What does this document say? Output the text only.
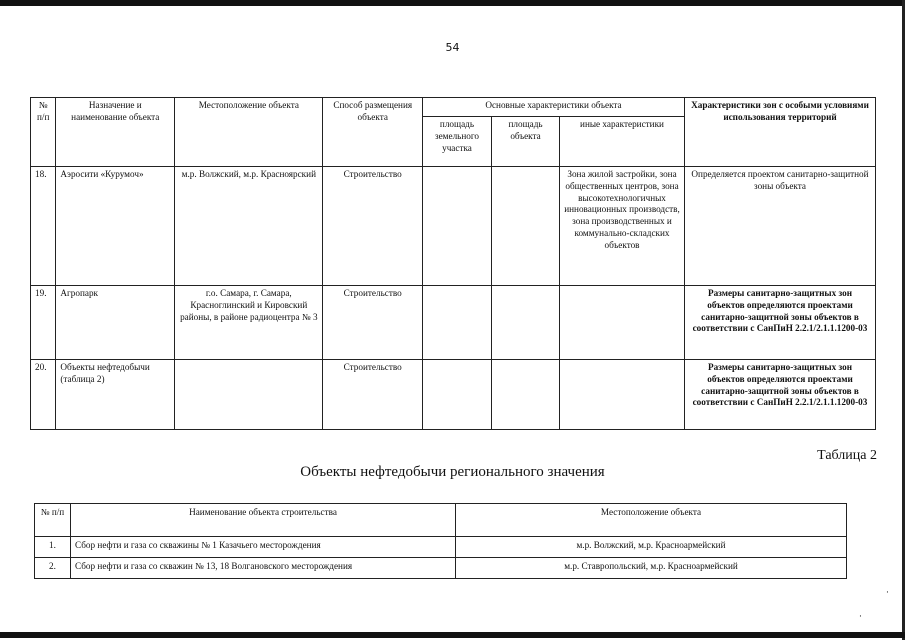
54
№ п/п	Назначение и наименование объекта	Местоположение объекта	Способ размещения объекта	Основные характеристики объекта			Характеристики зон с особыми условиями использования территорий
				площадь земельного участка	площадь объекта	иные характеристики	
18.	Аэросити «Курумоч»	м.р. Волжский, м.р. Красноярский	Строительство			Зона жилой застройки, зона общественных центров, зона высокотехнологичных инновационных производств, зона производственных и коммунально-складских объектов	Определяется проектом санитарно-защитной зоны объекта
19.	Агропарк	г.о. Самара, г. Самара, Красноглинский и Кировский районы, в районе радиоцентра № 3	Строительство				Размеры санитарно-защитных зон объектов определяются проектами санитарно-защитной зоны объектов в соответствии с СанПиН 2.2.1/2.1.1.1200-03
20.	Объекты нефтедобычи (таблица 2)		Строительство				Размеры санитарно-защитных зон объектов определяются проектами санитарно-защитной зоны объектов в соответствии с СанПиН 2.2.1/2.1.1.1200-03
Таблица 2
Объекты нефтедобычи регионального значения
№ п/п	Наименование объекта строительства	Местоположение объекта
1.	Сбор нефти и газа со скважины № 1 Казачьего месторождения	м.р. Волжский, м.р. Красноармейский
2.	Сбор нефти и газа со скважин № 13, 18 Волгановского месторождения	м.р. Ставропольский, м.р. Красноармейский
·
·
